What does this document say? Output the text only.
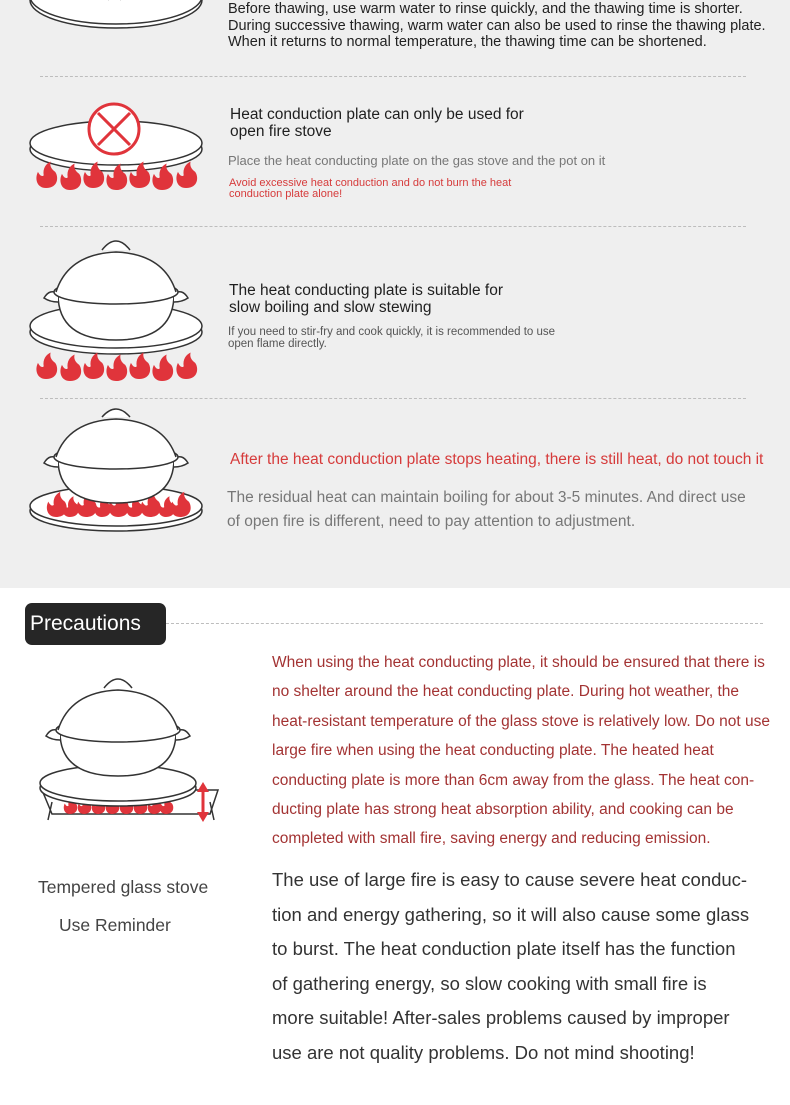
Before thawing, use warm water to rinse quickly, and the thawing time is shorter. During successive thawing, warm water can also be used to rinse the thawing plate. When it returns to normal temperature, the thawing time can be shortened.
Heat conduction plate can only be used for open fire stove
Place the heat conducting plate on the gas stove and the pot on it
Avoid excessive heat conduction and do not burn the heat conduction plate alone!
The heat conducting plate is suitable for slow boiling and slow stewing
If you need to stir-fry and cook quickly, it is recommended to use open flame directly.
After the heat conduction plate stops heating, there is still heat, do not touch it
The residual heat can maintain boiling for about 3-5 minutes. And direct use of open fire is different, need to pay attention to adjustment.
Precautions
Tempered glass stove
Use Reminder
When using the heat conducting plate, it should be ensured that there is no shelter around the heat conducting plate. During hot weather, the heat-resistant temperature of the glass stove is relatively low. Do not use large fire when using the heat conducting plate. The heated heat conducting plate is more than 6cm away from the glass. The heat con-ducting plate has strong heat absorption ability, and cooking can be completed with small fire, saving energy and reducing emission.
The use of large fire is easy to cause severe heat conduc-tion and energy gathering, so it will also cause some glass to burst. The heat conduction plate itself has the function of gathering energy, so slow cooking with small fire is more suitable! After-sales problems caused by improper use are not quality problems. Do not mind shooting!
